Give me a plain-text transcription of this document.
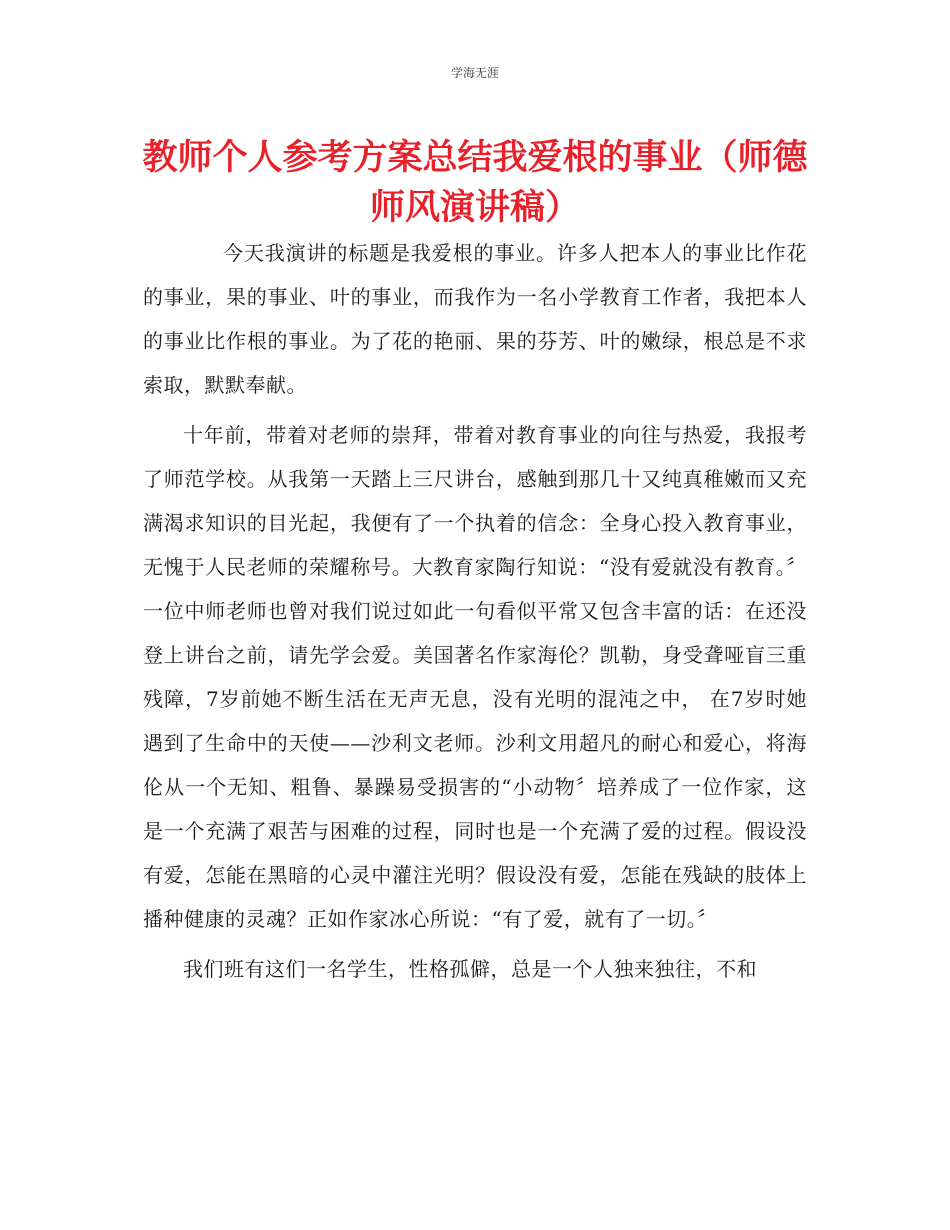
学海无涯
教师个人参考方案总结我爱根的事业（师德师风演讲稿）

今天我演讲的标题是我爱根的事业。许多人把本人的事业比作花的事业，果的事业、叶的事业，而我作为一名小学教育工作者，我把本人的事业比作根的事业。为了花的艳丽、果的芬芳、叶的嫩绿，根总是不求索取，默默奉献。

十年前，带着对老师的崇拜，带着对教育事业的向往与热爱，我报考了师范学校。从我第一天踏上三尺讲台，感触到那几十又纯真稚嫩而又充满渴求知识的目光起，我便有了一个执着的信念：全身心投入教育事业，无愧于人民老师的荣耀称号。大教育家陶行知说：“没有爱就没有教育。〞一位中师老师也曾对我们说过如此一句看似平常又包含丰富的话：在还没登上讲台之前，请先学会爱。美国著名作家海伦？凯勒，身受聋哑盲三重残障，7岁前她不断生活在无声无息，没有光明的混沌之中， 在7岁时她遇到了生命中的天使——沙利文老师。沙利文用超凡的耐心和爱心，将海伦从一个无知、粗鲁、暴躁易受损害的“小动物〞培养成了一位作家，这是一个充满了艰苦与困难的过程，同时也是一个充满了爱的过程。假设没有爱，怎能在黑暗的心灵中灌注光明？假设没有爱，怎能在残缺的肢体上播种健康的灵魂？正如作家冰心所说：“有了爱，就有了一切。〞

我们班有这们一名学生，性格孤僻，总是一个人独来独往，不和
